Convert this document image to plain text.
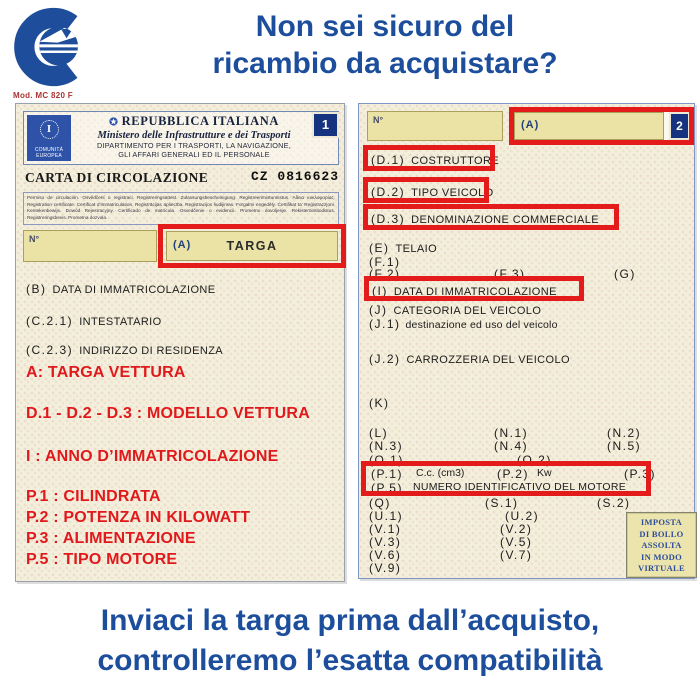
Non sei sicuro del
ricambio da acquistare?
Mod. MC 820 F
I
COMUNITÀ
EUROPEA
REPUBBLICA ITALIANA
Ministero delle Infrastrutture e dei Trasporti
DIPARTIMENTO PER I TRASPORTI, LA NAVIGAZIONE,
GLI AFFARI GENERALI ED IL PERSONALE
1
CARTA DI CIRCOLAZIONE	CZ 0816623
Permiso de circulación. Osvědčení o registraci. Registreringsattest. Zulassungsbescheinigung. Registreerimistunnistus. Άδεια κυκλοφορίας. Registration certificate. Certificat d’immatriculation. Reģistrācijas apliecība. Registracijos liudijimas. Forgalmi engedély. Ċertifikat ta’ Reġistrazzjoni. Kentekenbewijs. Dowód Rejestracyjny. Certificado de matrícula. Osvedčenie o evidencii. Prometno dovoljenje. Rekisteröintitodistus. Registreringsbevis. Prometna dozvola.
N°	(A)	TARGA
(B) DATA DI IMMATRICOLAZIONE
(C.2.1) INTESTATARIO
(C.2.3) INDIRIZZO DI RESIDENZA
A: TARGA VETTURA
D.1 - D.2 - D.3 : MODELLO VETTURA
I : ANNO D’IMMATRICOLAZIONE
P.1 : CILINDRATA
P.2 : POTENZA IN KILOWATT
P.3 : ALIMENTAZIONE
P.5 : TIPO MOTORE
N°	(A)	2
(D.1) COSTRUTTORE
(D.2) TIPO VEICOLO
(D.3) DENOMINAZIONE COMMERCIALE
(E) TELAIO
(F.1)
(F.2)	(F.3)	(G)
(I) DATA DI IMMATRICOLAZIONE
(J) CATEGORIA DEL VEICOLO
(J.1) destinazione ed uso del veicolo
(J.2) CARROZZERIA DEL VEICOLO
(K)
(L)	(N.1)	(N.2)
(N.3)	(N.4)	(N.5)
(O.1)	(O.2)
(P.1) C.c. (cm3)	(P.2) Kw	(P.3)
(P.5) NUMERO IDENTIFICATIVO DEL MOTORE
(Q)	(S.1)	(S.2)
(U.1)	(U.2)
(V.1)	(V.2)
(V.3)	(V.5)
(V.6)	(V.7)
(V.9)
IMPOSTA
DI BOLLO
ASSOLTA
IN MODO
VIRTUALE
Inviaci la targa prima dall’acquisto,
controlleremo l’esatta compatibilità
